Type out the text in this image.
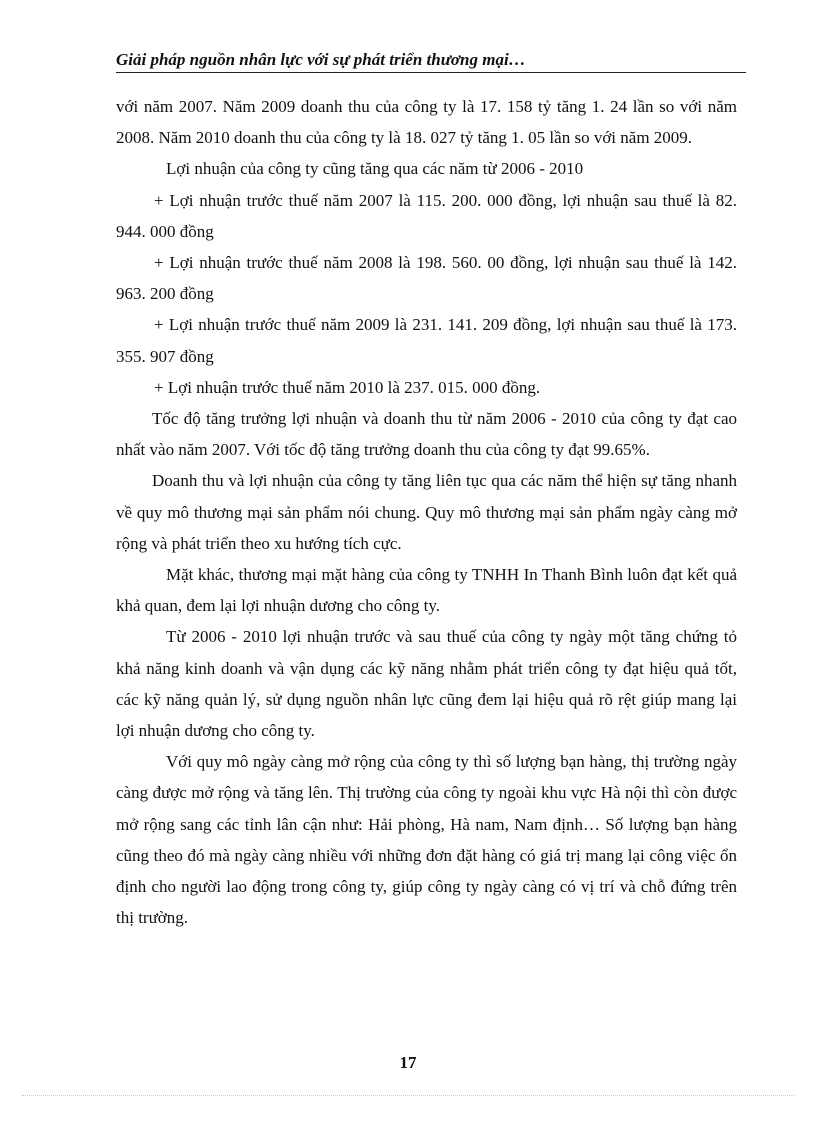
Giải pháp nguồn nhân lực với sự phát triển thương mại…

với năm 2007. Năm 2009 doanh thu của công ty là 17. 158 tỷ tăng 1. 24 lần so với năm 2008. Năm 2010 doanh thu của công ty là 18. 027 tỷ tăng 1. 05 lần so với năm 2009.

Lợi nhuận của công ty cũng tăng qua các năm từ 2006 - 2010

+ Lợi nhuận trước thuế năm 2007 là 115. 200. 000 đồng, lợi nhuận sau thuế là 82. 944. 000 đồng

+ Lợi nhuận trước thuế năm 2008 là 198. 560. 00 đồng, lợi nhuận sau thuế là 142. 963. 200 đồng

+ Lợi nhuận trước thuế năm 2009 là 231. 141. 209 đồng, lợi nhuận sau thuế là 173. 355. 907 đồng

+ Lợi nhuận trước thuế năm 2010 là 237. 015. 000 đồng.

Tốc độ tăng trưởng lợi nhuận và doanh thu từ năm 2006 - 2010 của công ty đạt cao nhất vào năm 2007. Với tốc độ tăng trưởng doanh thu của công ty đạt 99.65%.

Doanh thu và lợi nhuận của công ty tăng liên tục qua các năm thể hiện sự tăng nhanh về quy mô thương mại sản phẩm nói chung. Quy mô thương mại sản phẩm ngày càng mở rộng và phát triển theo xu hướng tích cực.

Mặt khác, thương mại mặt hàng của công ty TNHH In Thanh Bình luôn đạt kết quả khả quan, đem lại lợi nhuận dương cho công ty.

Từ 2006 - 2010 lợi nhuận trước và sau thuế của công ty ngày một tăng chứng tỏ khả năng kinh doanh và vận dụng các kỹ năng nhằm phát triển công ty đạt hiệu quả tốt, các kỹ năng quản lý, sử dụng nguồn nhân lực cũng đem lại hiệu quả rõ rệt giúp mang lại lợi nhuận dương cho công ty.

Với quy mô ngày càng mở rộng của công ty thì số lượng bạn hàng, thị trường ngày càng được mở rộng và tăng lên. Thị trường của công ty ngoài khu vực Hà nội thì còn được mở rộng sang các tỉnh lân cận như: Hải phòng, Hà nam, Nam định… Số lượng bạn hàng cũng theo đó mà ngày càng nhiều với những đơn đặt hàng có giá trị mang lại công việc ổn định cho người lao động trong công ty, giúp công ty ngày càng có vị trí và chỗ đứng trên thị trường.

17
